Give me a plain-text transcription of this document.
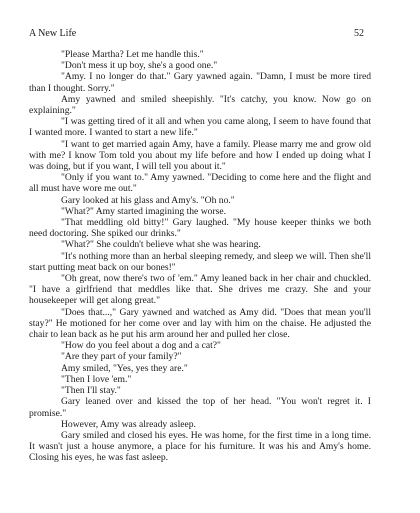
A New Life	52

"Please Martha? Let me handle this."

"Don't mess it up boy, she's a good one."

"Amy. I no longer do that." Gary yawned again. "Damn, I must be more tired than I thought. Sorry."

Amy yawned and smiled sheepishly. "It's catchy, you know. Now go on explaining."

"I was getting tired of it all and when you came along, I seem to have found that I wanted more. I wanted to start a new life."

"I want to get married again Amy, have a family. Please marry me and grow old with me? I know Tom told you about my life before and how I ended up doing what I was doing, but if you want, I will tell you about it."

"Only if you want to." Amy yawned. "Deciding to come here and the flight and all must have wore me out."

Gary looked at his glass and Amy's. "Oh no."

"What?" Amy started imagining the worse.

"That meddling old bitty!" Gary laughed. "My house keeper thinks we both need doctoring. She spiked our drinks."

"What?" She couldn't believe what she was hearing.

"It's nothing more than an herbal sleeping remedy, and sleep we will. Then she'll start putting meat back on our bones!"

"Oh great, now there's two of 'em." Amy leaned back in her chair and chuckled. "I have a girlfriend that meddles like that. She drives me crazy. She and your housekeeper will get along great."

"Does that...," Gary yawned and watched as Amy did. "Does that mean you'll stay?" He motioned for her come over and lay with him on the chaise. He adjusted the chair to lean back as he put his arm around her and pulled her close.

"How do you feel about a dog and a cat?"

"Are they part of your family?"

Amy smiled, "Yes, yes they are."

"Then I love 'em."

"Then I'll stay."

Gary leaned over and kissed the top of her head. "You won't regret it. I promise."

However, Amy was already asleep.

Gary smiled and closed his eyes. He was home, for the first time in a long time. It wasn't just a house anymore, a place for his furniture. It was his and Amy's home. Closing his eyes, he was fast asleep.
